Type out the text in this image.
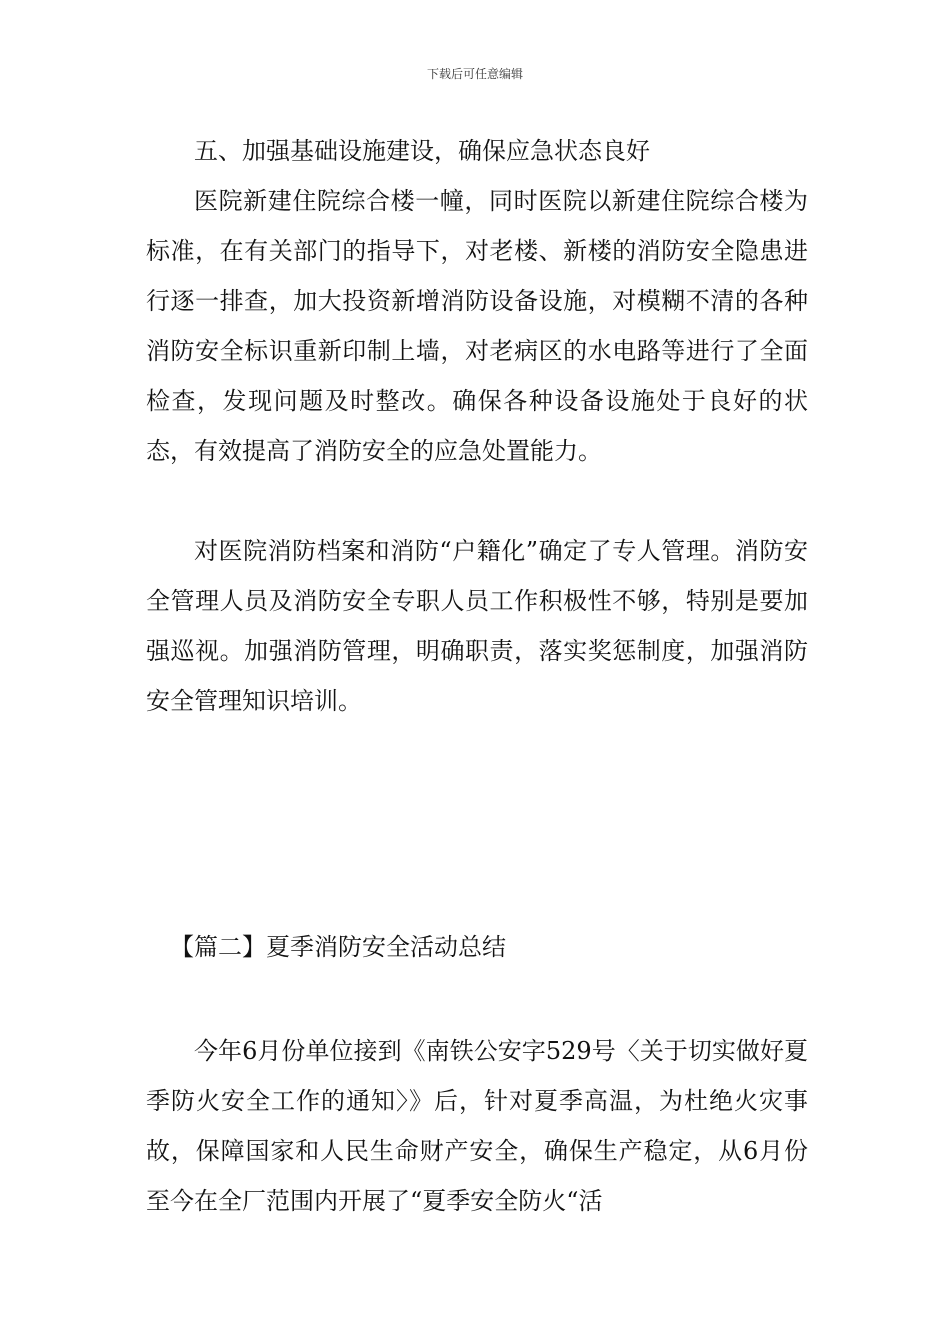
下载后可任意编辑

五、加强基础设施建设，确保应急状态良好

医院新建住院综合楼一幢，同时医院以新建住院综合楼为标准，在有关部门的指导下，对老楼、新楼的消防安全隐患进行逐一排查，加大投资新增消防设备设施，对模糊不清的各种消防安全标识重新印制上墙，对老病区的水电路等进行了全面检查，发现问题及时整改。确保各种设备设施处于良好的状态，有效提高了消防安全的应急处置能力。

对医院消防档案和消防“户籍化”确定了专人管理。消防安全管理人员及消防安全专职人员工作积极性不够，特别是要加强巡视。加强消防管理，明确职责，落实奖惩制度，加强消防安全管理知识培训。

【篇二】夏季消防安全活动总结

今年6月份单位接到《南铁公安字529号〈关于切实做好夏季防火安全工作的通知〉》后，针对夏季高温，为杜绝火灾事故，保障国家和人民生命财产安全，确保生产稳定，从6月份至今在全厂范围内开展了“夏季安全防火“活
